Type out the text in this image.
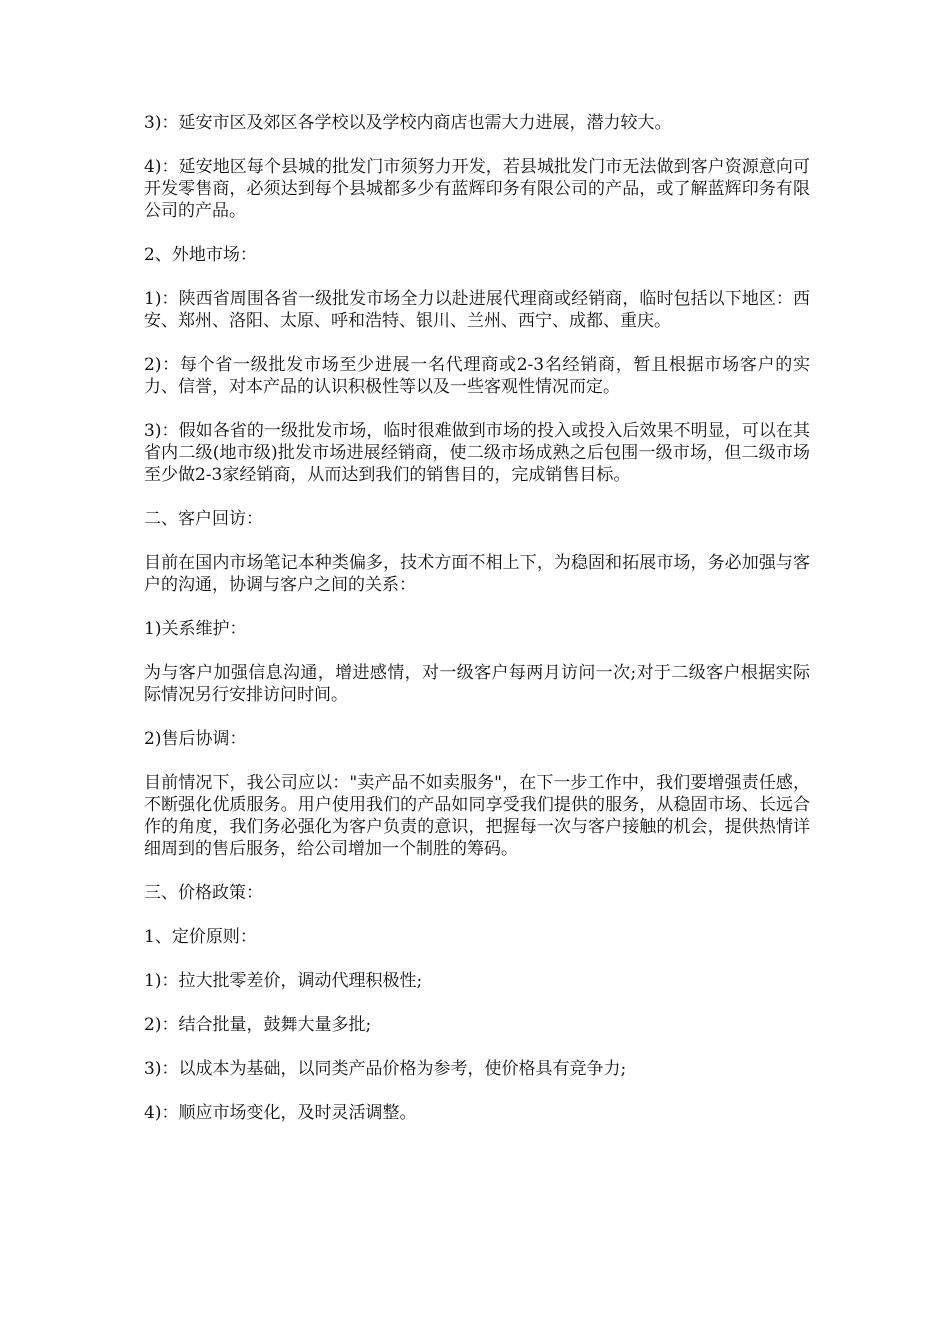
3)：延安市区及郊区各学校以及学校内商店也需大力进展，潜力较大。

4)：延安地区每个县城的批发门市须努力开发，若县城批发门市无法做到客户资源意向可开发零售商，必须达到每个县城都多少有蓝辉印务有限公司的产品，或了解蓝辉印务有限公司的产品。

2、外地市场：

1)：陕西省周围各省一级批发市场全力以赴进展代理商或经销商，临时包括以下地区：西安、郑州、洛阳、太原、呼和浩特、银川、兰州、西宁、成都、重庆。

2)：每个省一级批发市场至少进展一名代理商或2-3名经销商，暂且根据市场客户的实力、信誉，对本产品的认识积极性等以及一些客观性情况而定。

3)：假如各省的一级批发市场，临时很难做到市场的投入或投入后效果不明显，可以在其省内二级(地市级)批发市场进展经销商，使二级市场成熟之后包围一级市场，但二级市场至少做2-3家经销商，从而达到我们的销售目的，完成销售目标。

二、客户回访：

目前在国内市场笔记本种类偏多，技术方面不相上下，为稳固和拓展市场，务必加强与客户的沟通，协调与客户之间的关系：

1)关系维护：

为与客户加强信息沟通，增进感情，对一级客户每两月访问一次;对于二级客户根据实际际情况另行安排访问时间。

2)售后协调：

目前情况下，我公司应以："卖产品不如卖服务"，在下一步工作中，我们要增强责任感，不断强化优质服务。用户使用我们的产品如同享受我们提供的服务，从稳固市场、长远合作的角度，我们务必强化为客户负责的意识，把握每一次与客户接触的机会，提供热情详细周到的售后服务，给公司增加一个制胜的筹码。

三、价格政策：

1、定价原则：

1)：拉大批零差价，调动代理积极性;

2)：结合批量，鼓舞大量多批;

3)：以成本为基础，以同类产品价格为参考，使价格具有竞争力;

4)：顺应市场变化，及时灵活调整。
